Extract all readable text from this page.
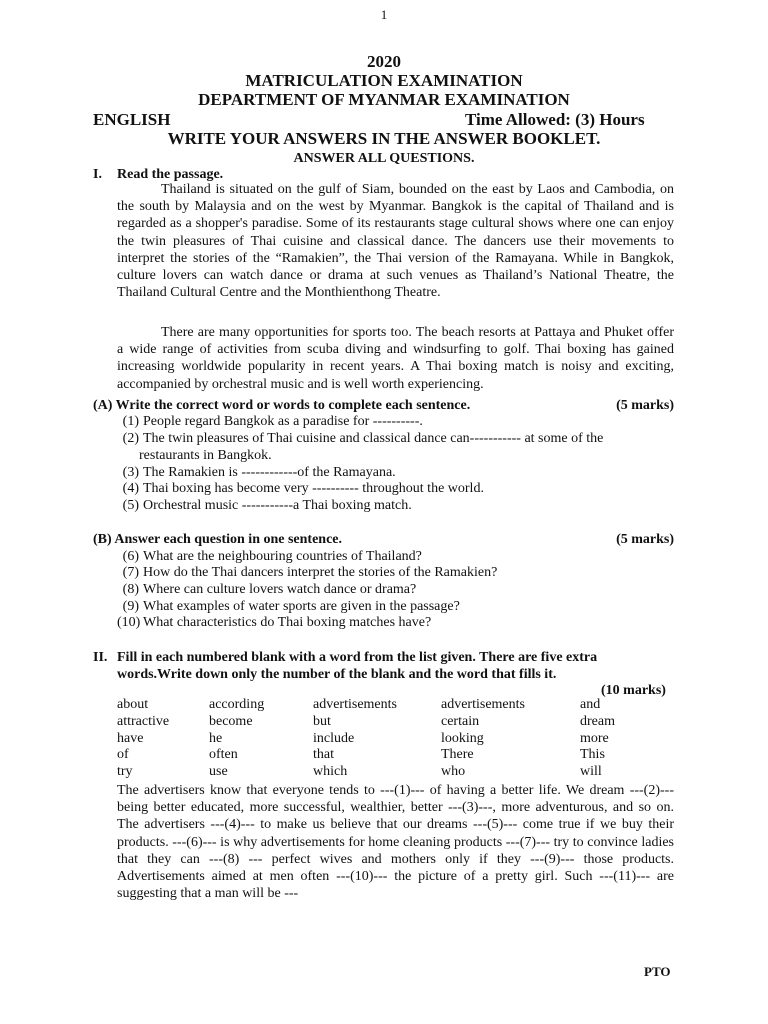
1
2020
MATRICULATION EXAMINATION
DEPARTMENT OF MYANMAR EXAMINATION
ENGLISH	Time Allowed: (3) Hours
WRITE YOUR ANSWERS IN THE ANSWER BOOKLET.
ANSWER ALL QUESTIONS.
I. Read the passage.
Thailand is situated on the gulf of Siam, bounded on the east by Laos and Cambodia, on the south by Malaysia and on the west by Myanmar. Bangkok is the capital of Thailand and is regarded as a shopper's paradise. Some of its restaurants stage cultural shows where one can enjoy the twin pleasures of Thai cuisine and classical dance. The dancers use their movements to interpret the stories of the “Ramakien”, the Thai version of the Ramayana. While in Bangkok, culture lovers can watch dance or drama at such venues as Thailand’s National Theatre, the Thailand Cultural Centre and the Monthienthong Theatre.
There are many opportunities for sports too. The beach resorts at Pattaya and Phuket offer a wide range of activities from scuba diving and windsurfing to golf. Thai boxing has gained increasing worldwide popularity in recent years. A Thai boxing match is noisy and exciting, accompanied by orchestral music and is well worth experiencing.
(A) Write the correct word or words to complete each sentence.	(5 marks)
(1) People regard Bangkok as a paradise for ----------.
(2) The twin pleasures of Thai cuisine and classical dance can----------- at some of the
restaurants in Bangkok.
(3) The Ramakien is ------------of the Ramayana.
(4) Thai boxing has become very ---------- throughout the world.
(5) Orchestral music -----------a Thai boxing match.
(B) Answer each question in one sentence.	(5 marks)
(6) What are the neighbouring countries of Thailand?
(7) How do the Thai dancers interpret the stories of the Ramakien?
(8) Where can culture lovers watch dance or drama?
(9) What examples of water sports are given in the passage?
(10) What characteristics do Thai boxing matches have?
II. Fill in each numbered blank with a word from the list given. There are five extra
words.Write down only the number of the blank and the word that fills it.
(10 marks)
about	according	advertisements	advertisements	and
attractive	become	but	certain	dream
have	he	include	looking	more
of	often	that	There	This
try	use	which	who	will
The advertisers know that everyone tends to ---(1)--- of having a better life. We dream ---(2)--- being better educated, more successful, wealthier, better ---(3)---, more adventurous, and so on. The advertisers ---(4)--- to make us believe that our dreams ---(5)--- come true if we buy their products. ---(6)--- is why advertisements for home cleaning products ---(7)--- try to convince ladies that they can ---(8) --- perfect wives and mothers only if they ---(9)--- those products. Advertisements aimed at men often ---(10)--- the picture of a pretty girl. Such ---(11)--- are suggesting that a man will be ---
PTO
